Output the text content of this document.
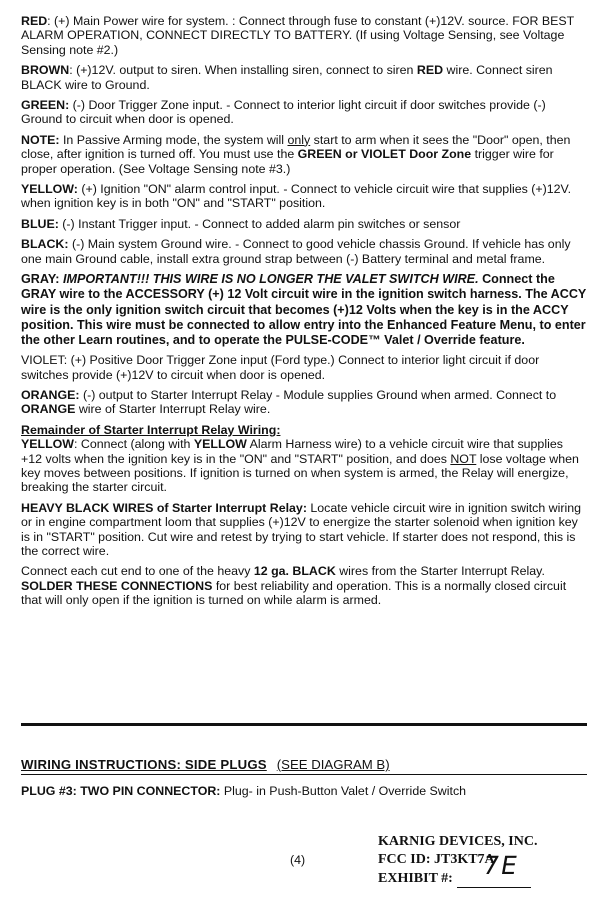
RED: (+) Main Power wire for system. : Connect through fuse to constant (+)12V. source. FOR BEST ALARM OPERATION, CONNECT DIRECTLY TO BATTERY. (If using Voltage Sensing, see Voltage Sensing note #2.)

BROWN: (+)12V. output to siren. When installing siren, connect to siren RED wire. Connect siren BLACK wire to Ground.

GREEN: (-) Door Trigger Zone input. - Connect to interior light circuit if door switches provide (-) Ground to circuit when door is opened.

NOTE: In Passive Arming mode, the system will only start to arm when it sees the "Door" open, then close, after ignition is turned off. You must use the GREEN or VIOLET Door Zone trigger wire for proper operation. (See Voltage Sensing note #3.)

YELLOW: (+) Ignition "ON" alarm control input. - Connect to vehicle circuit wire that supplies (+)12V. when ignition key is in both "ON" and "START" position.

BLUE: (-) Instant Trigger input. - Connect to added alarm pin switches or sensor

BLACK: (-) Main system Ground wire. - Connect to good vehicle chassis Ground. If vehicle has only one main Ground cable, install extra ground strap between (-) Battery terminal and metal frame.

GRAY: IMPORTANT!!! THIS WIRE IS NO LONGER THE VALET SWITCH WIRE. Connect the GRAY wire to the ACCESSORY (+) 12 Volt circuit wire in the ignition switch harness. The ACCY wire is the only ignition switch circuit that becomes (+)12 Volts when the key is in the ACCY position. This wire must be connected to allow entry into the Enhanced Feature Menu, to enter the other Learn routines, and to operate the PULSE-CODE™ Valet / Override feature.

VIOLET: (+) Positive Door Trigger Zone input (Ford type.) Connect to interior light circuit if door switches provide (+)12V to circuit when door is opened.

ORANGE: (-) output to Starter Interrupt Relay - Module supplies Ground when armed. Connect to ORANGE wire of Starter Interrupt Relay wire.

Remainder of Starter Interrupt Relay Wiring:

YELLOW: Connect (along with YELLOW Alarm Harness wire) to a vehicle circuit wire that supplies +12 volts when the ignition key is in the "ON" and "START" position, and does NOT lose voltage when key moves between positions. If ignition is turned on when system is armed, the Relay will energize, breaking the starter circuit.

HEAVY BLACK WIRES of Starter Interrupt Relay: Locate vehicle circuit wire in ignition switch wiring or in engine compartment loom that supplies (+)12V to energize the starter solenoid when ignition key is in "START" position. Cut wire and retest by trying to start vehicle. If starter does not respond, this is the correct wire.

Connect each cut end to one of the heavy 12 ga. BLACK wires from the Starter Interrupt Relay. SOLDER THESE CONNECTIONS for best reliability and operation. This is a normally closed circuit that will only open if the ignition is turned on while alarm is armed.

WIRING INSTRUCTIONS: SIDE PLUGS (SEE DIAGRAM B)
PLUG #3: TWO PIN CONNECTOR: Plug- in Push-Button Valet / Override Switch
(4)
KARNIG DEVICES, INC.
FCC ID: JT3KT7A
EXHIBIT #: 7E
